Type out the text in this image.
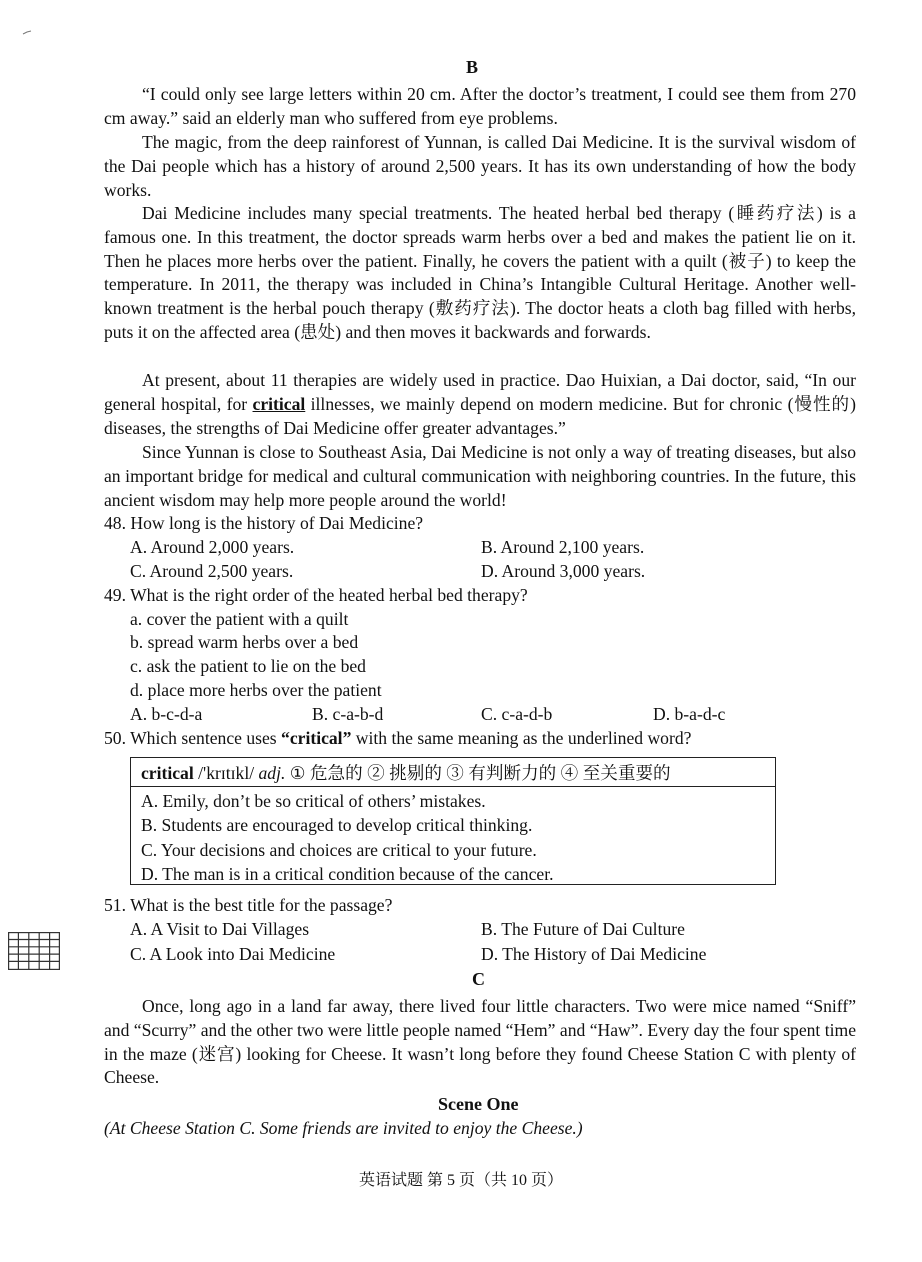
B
“I could only see large letters within 20 cm. After the doctor’s treatment, I could see them from 270 cm away.” said an elderly man who suffered from eye problems.
The magic, from the deep rainforest of Yunnan, is called Dai Medicine. It is the survival wisdom of the Dai people which has a history of around 2,500 years. It has its own understanding of how the body works.
Dai Medicine includes many special treatments. The heated herbal bed therapy (睡药疗法) is a famous one. In this treatment, the doctor spreads warm herbs over a bed and makes the patient lie on it. Then he places more herbs over the patient. Finally, he covers the patient with a quilt (被子) to keep the temperature. In 2011, the therapy was included in China’s Intangible Cultural Heritage. Another well-known treatment is the herbal pouch therapy (敷药疗法). The doctor heats a cloth bag filled with herbs, puts it on the affected area (患处) and then moves it backwards and forwards.
At present, about 11 therapies are widely used in practice. Dao Huixian, a Dai doctor, said, “In our general hospital, for critical illnesses, we mainly depend on modern medicine. But for chronic (慢性的) diseases, the strengths of Dai Medicine offer greater advantages.”
Since Yunnan is close to Southeast Asia, Dai Medicine is not only a way of treating diseases, but also an important bridge for medical and cultural communication with neighboring countries. In the future, this ancient wisdom may help more people around the world!
48. How long is the history of Dai Medicine?
A. Around 2,000 years.	B. Around 2,100 years.
C. Around 2,500 years.	D. Around 3,000 years.
49. What is the right order of the heated herbal bed therapy?
a. cover the patient with a quilt
b. spread warm herbs over a bed
c. ask the patient to lie on the bed
d. place more herbs over the patient
A. b-c-d-a	B. c-a-b-d	C. c-a-d-b	D. b-a-d-c
50. Which sentence uses “critical” with the same meaning as the underlined word?
critical /'krɪtɪkl/ adj. ① 危急的 ② 挑剔的 ③ 有判断力的 ④ 至关重要的
A. Emily, don’t be so critical of others’ mistakes.
B. Students are encouraged to develop critical thinking.
C. Your decisions and choices are critical to your future.
D. The man is in a critical condition because of the cancer.
51. What is the best title for the passage?
A. A Visit to Dai Villages	B. The Future of Dai Culture
C. A Look into Dai Medicine	D. The History of Dai Medicine
C
Once, long ago in a land far away, there lived four little characters. Two were mice named “Sniff” and “Scurry” and the other two were little people named “Hem” and “Haw”. Every day the four spent time in the maze (迷宫) looking for Cheese. It wasn’t long before they found Cheese Station C with plenty of Cheese.
Scene One
(At Cheese Station C. Some friends are invited to enjoy the Cheese.)
英语试题 第 5 页（共 10 页）
